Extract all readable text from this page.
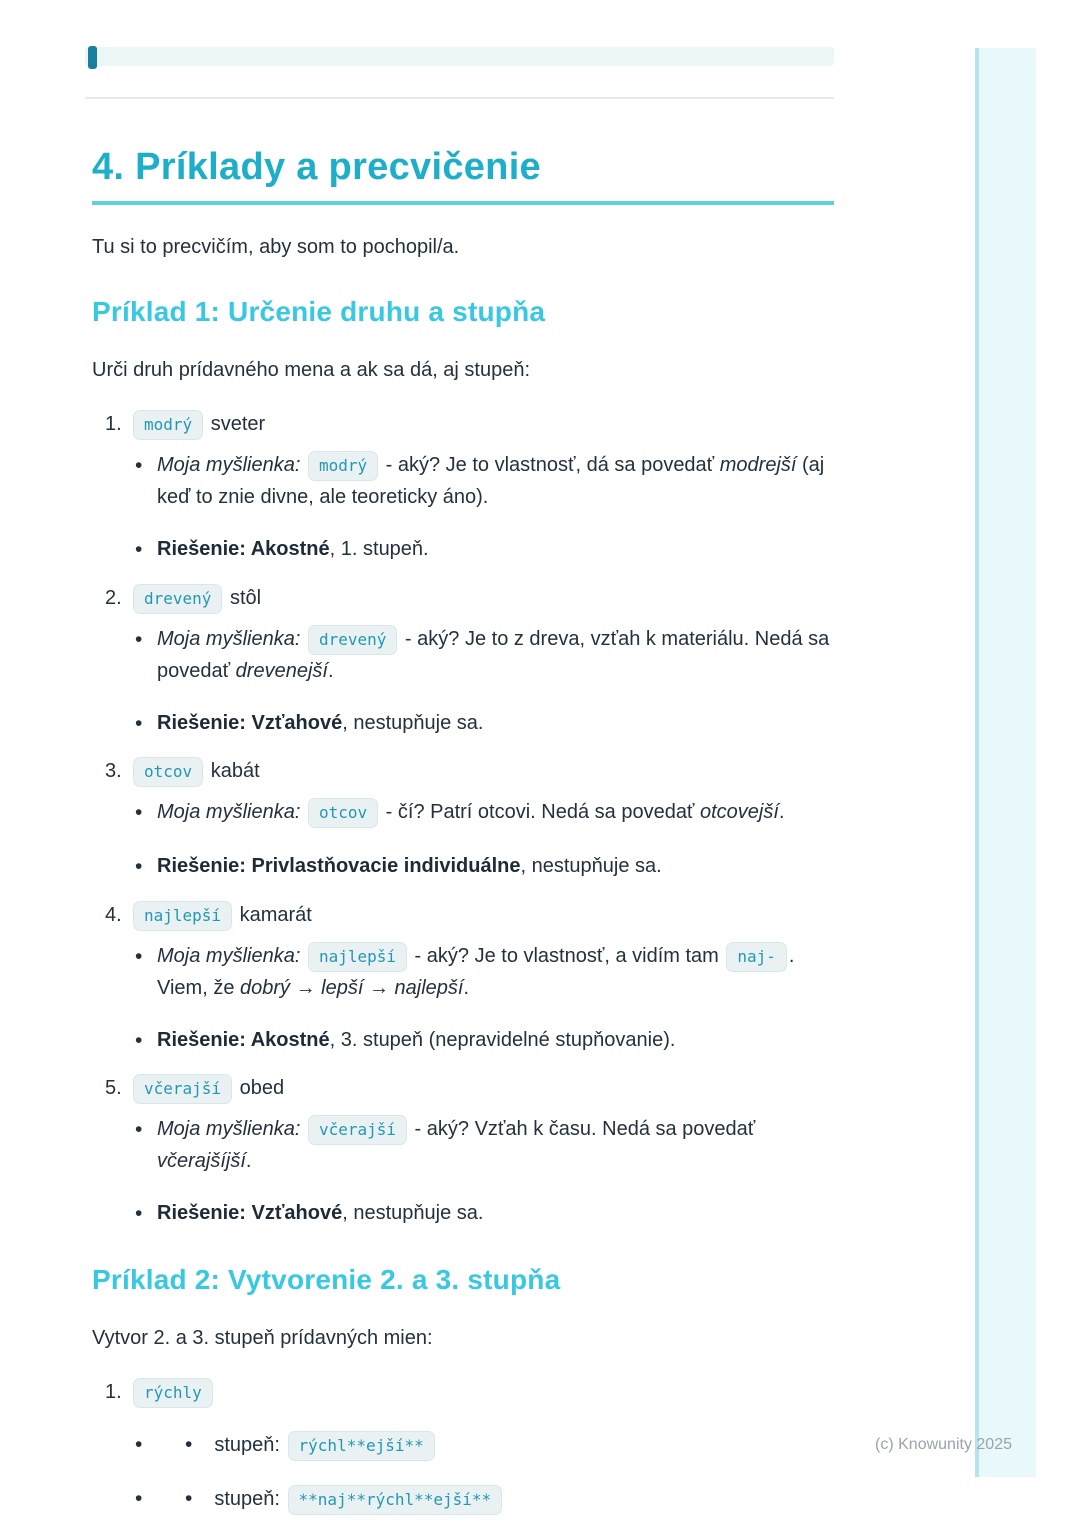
(c) Knowunity 2025
4. Príklady a precvičenie

Tu si to precvičím, aby som to pochopil/a.

Príklad 1: Určenie druhu a stupňa

Urči druh prídavného mena a ak sa dá, aj stupeň:

1.	modrý sveter
• Moja myšlienka: modrý - aký? Je to vlastnosť, dá sa povedať modrejší (aj keď to znie divne, ale teoreticky áno).
• Riešenie: Akostné, 1. stupeň.
2.	drevený stôl
• Moja myšlienka: drevený - aký? Je to z dreva, vzťah k materiálu. Nedá sa povedať drevenejší.
• Riešenie: Vzťahové, nestupňuje sa.
3.	otcov kabát
• Moja myšlienka: otcov - čí? Patrí otcovi. Nedá sa povedať otcovejší.
• Riešenie: Privlastňovacie individuálne, nestupňuje sa.
4.	najlepší kamarát
• Moja myšlienka: najlepší - aký? Je to vlastnosť, a vidím tam naj- . Viem, že dobrý → lepší → najlepší.
• Riešenie: Akostné, 3. stupeň (nepravidelné stupňovanie).
5.	včerajší obed
• Moja myšlienka: včerajší - aký? Vzťah k času. Nedá sa povedať včerajšíjší.
• Riešenie: Vzťahové, nestupňuje sa.
Príklad 2: Vytvorenie 2. a 3. stupňa

Vytvor 2. a 3. stupeň prídavných mien:

1.	rýchly
•	• stupeň: rýchl**ejší**
•	• stupeň: **naj**rýchl**ejší**
